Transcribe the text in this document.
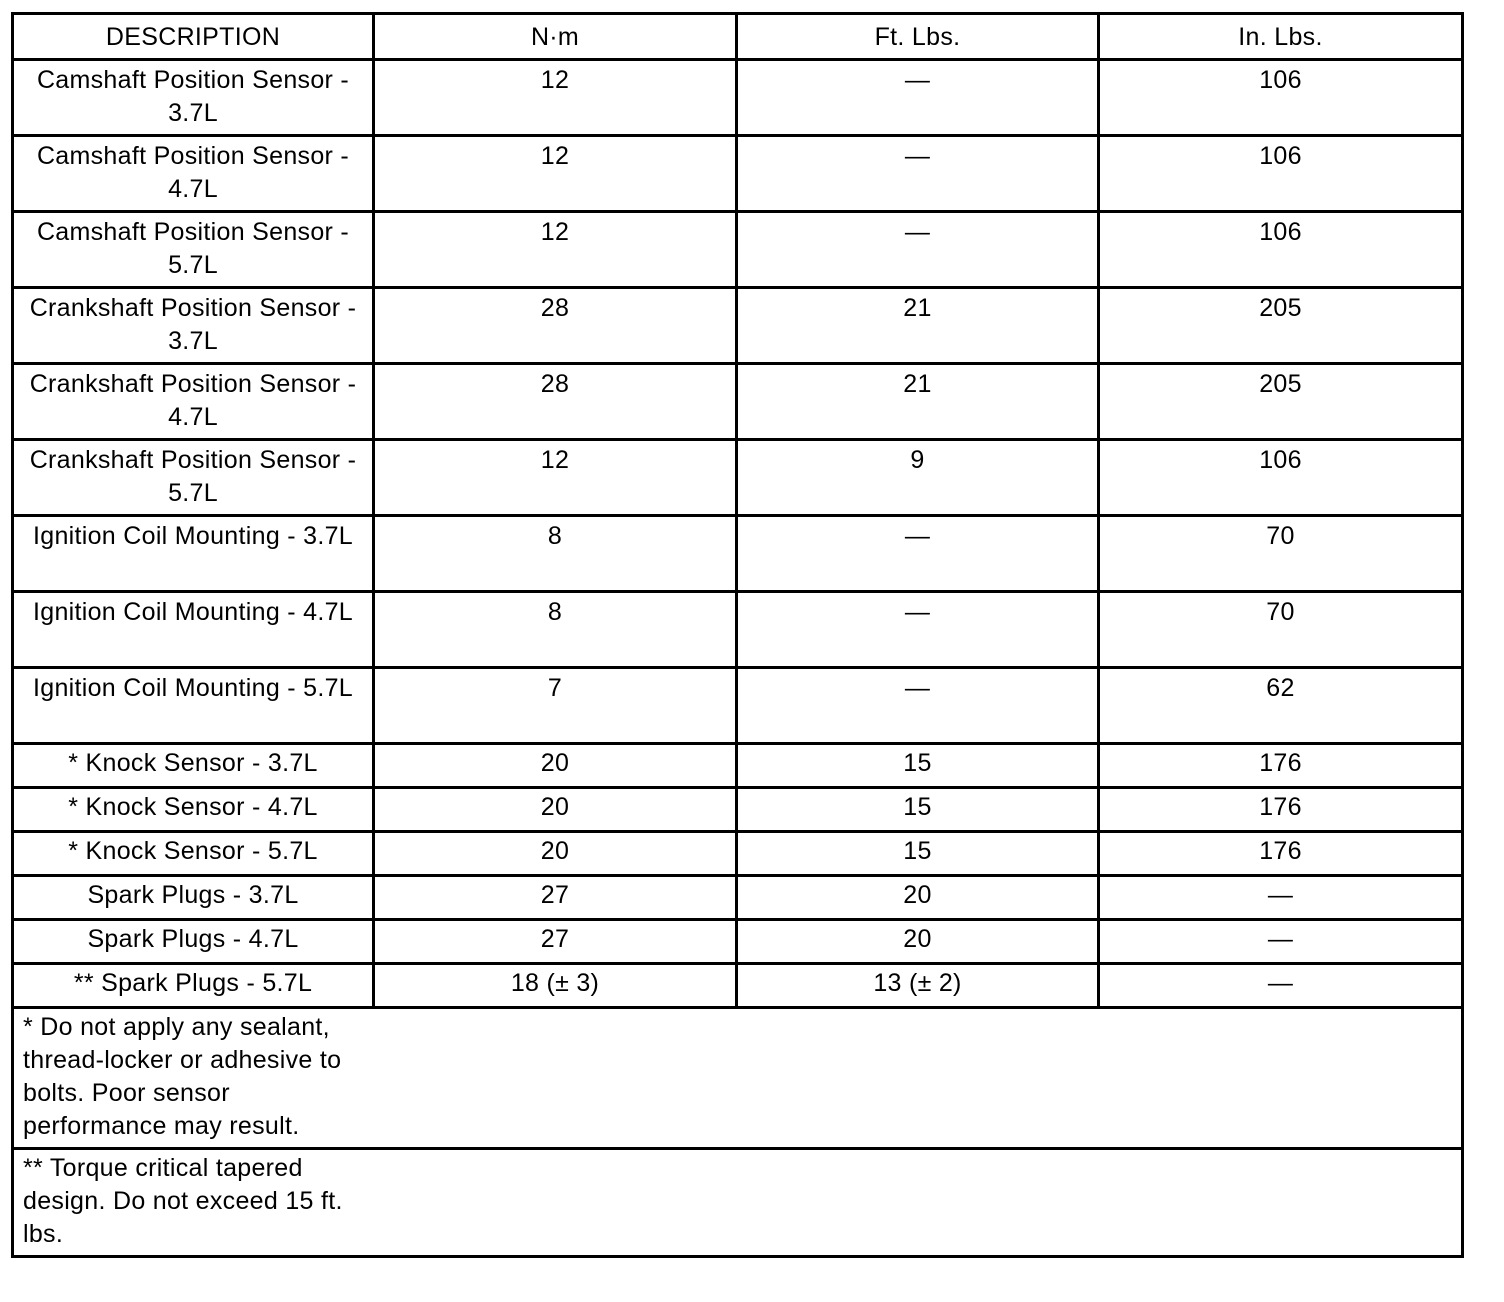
DESCRIPTION	N·m	Ft. Lbs.	In. Lbs.
Camshaft Position Sensor - 3.7L	12	—	106
Camshaft Position Sensor - 4.7L	12	—	106
Camshaft Position Sensor - 5.7L	12	—	106
Crankshaft Position Sensor - 3.7L	28	21	205
Crankshaft Position Sensor - 4.7L	28	21	205
Crankshaft Position Sensor - 5.7L	12	9	106
Ignition Coil Mounting - 3.7L	8	—	70
Ignition Coil Mounting - 4.7L	8	—	70
Ignition Coil Mounting - 5.7L	7	—	62
* Knock Sensor - 3.7L	20	15	176
* Knock Sensor - 4.7L	20	15	176
* Knock Sensor - 5.7L	20	15	176
Spark Plugs - 3.7L	27	20	—
Spark Plugs - 4.7L	27	20	—
** Spark Plugs - 5.7L	18 (± 3)	13 (± 2)	—

* Do not apply any sealant, thread-locker or adhesive to bolts. Poor sensor performance may result.			

** Torque critical tapered design. Do not exceed 15 ft. lbs.			
